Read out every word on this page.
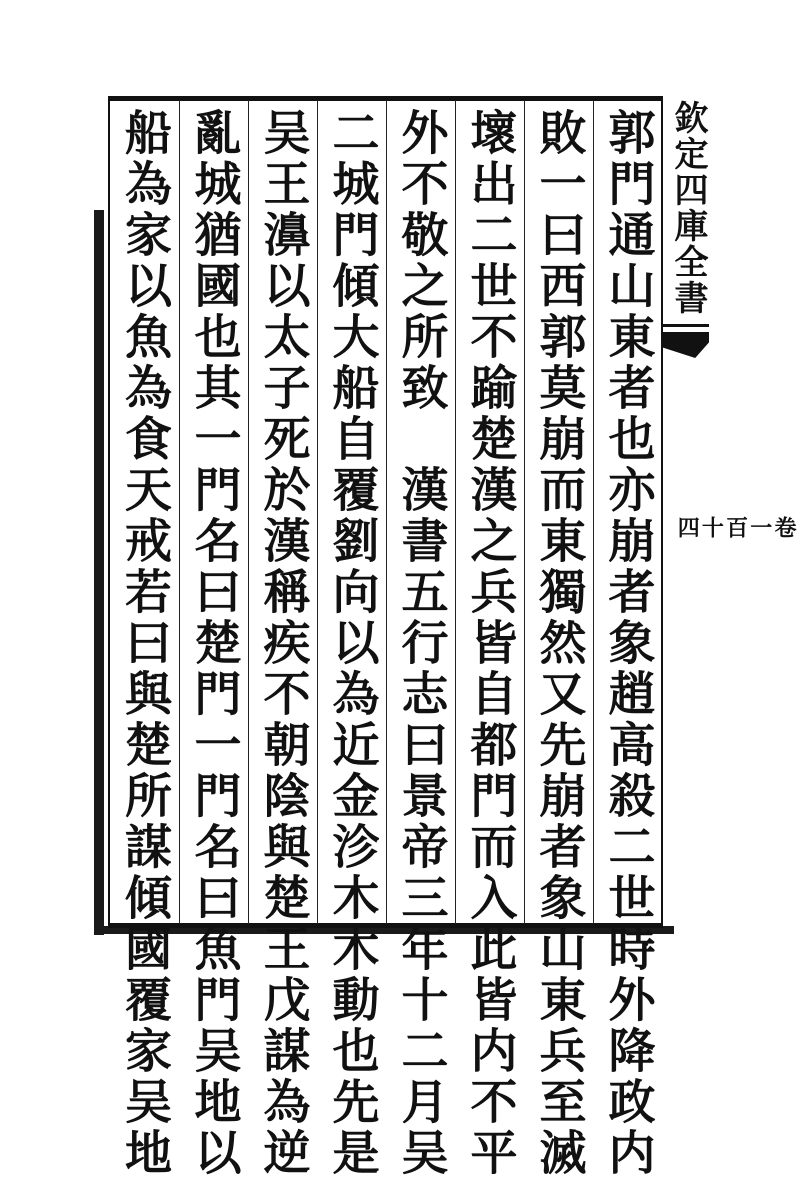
郭門通山東者也亦崩者象趙高殺二世時外降政内
敗一曰西郭莫崩而東獨然又先崩者象山東兵至滅
壞出二世不踰楚漢之兵皆自都門而入此皆内不平
外不敬之所致　漢書五行志曰景帝三年十二月吴
二城門傾大船自覆劉向以為近金沴木木動也先是
吴王濞以太子死於漢稱疾不朝陰與楚王戊謀為逆
亂城猶國也其一門名曰楚門一門名曰魚門吴地以
船為家以魚為食天戒若曰與楚所謀傾國覆家吴地	欽定四庫全書
卷一百十四
